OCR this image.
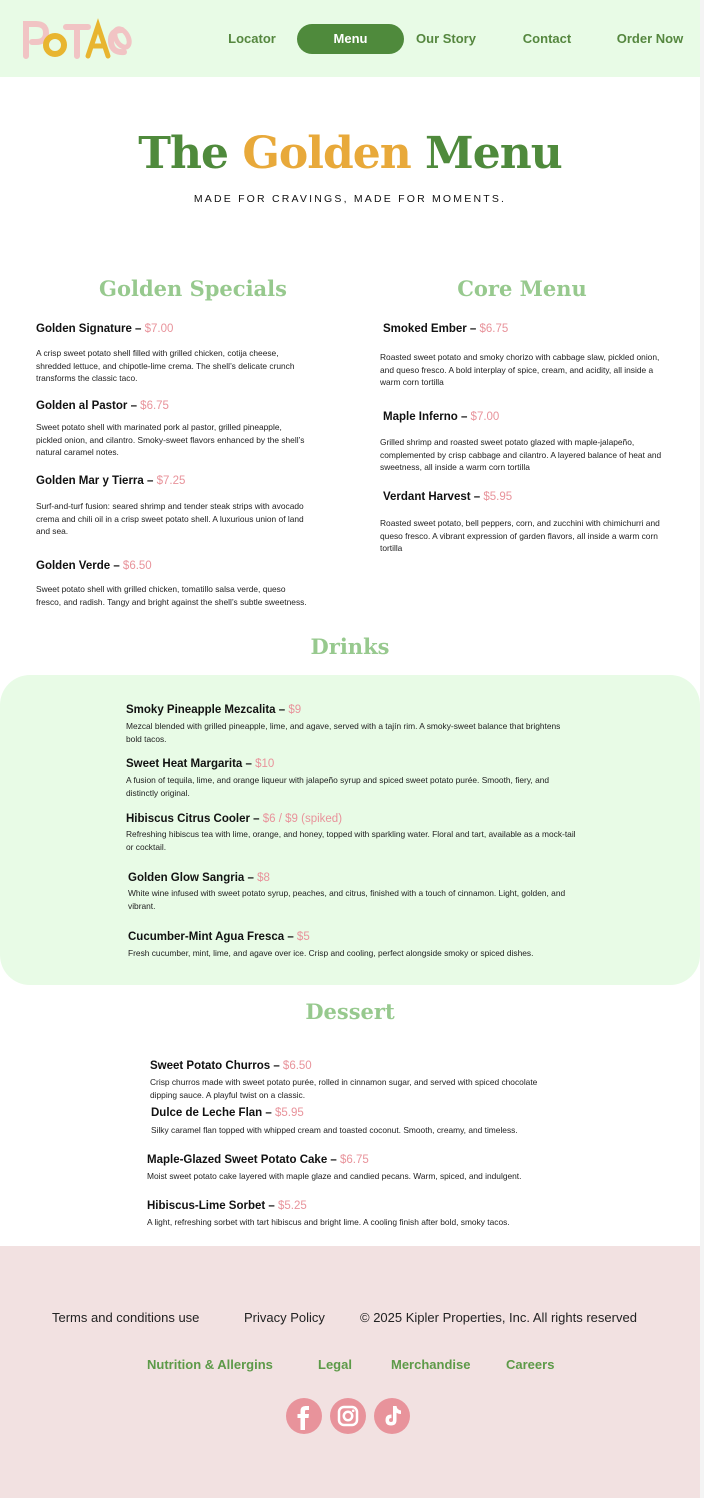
Locator	Menu	Our Story	Contact	Order Now
The Golden Menu
MADE FOR CRAVINGS, MADE FOR MOMENTS.
Golden Specials
Golden Signature – $7.00
A crisp sweet potato shell filled with grilled chicken, cotija cheese, shredded lettuce, and chipotle-lime crema. The shell’s delicate crunch transforms the classic taco.
Golden al Pastor – $6.75
Sweet potato shell with marinated pork al pastor, grilled pineapple, pickled onion, and cilantro. Smoky-sweet flavors enhanced by the shell’s natural caramel notes.
Golden Mar y Tierra – $7.25
Surf-and-turf fusion: seared shrimp and tender steak strips with avocado crema and chili oil in a crisp sweet potato shell. A luxurious union of land and sea.
Golden Verde – $6.50
Sweet potato shell with grilled chicken, tomatillo salsa verde, queso fresco, and radish. Tangy and bright against the shell’s subtle sweetness.
Core Menu
Smoked Ember – $6.75
Roasted sweet potato and smoky chorizo with cabbage slaw, pickled onion, and queso fresco. A bold interplay of spice, cream, and acidity, all inside a warm corn tortilla
Maple Inferno – $7.00
Grilled shrimp and roasted sweet potato glazed with maple-jalapeño, complemented by crisp cabbage and cilantro. A layered balance of heat and sweetness, all inside a warm corn tortilla
Verdant Harvest – $5.95
Roasted sweet potato, bell peppers, corn, and zucchini with chimichurri and queso fresco. A vibrant expression of garden flavors, all inside a warm corn tortilla
Drinks
Smoky Pineapple Mezcalita – $9
Mezcal blended with grilled pineapple, lime, and agave, served with a tajín rim. A smoky-sweet balance that brightens bold tacos.
Sweet Heat Margarita – $10
A fusion of tequila, lime, and orange liqueur with jalapeño syrup and spiced sweet potato purée. Smooth, fiery, and distinctly original.
Hibiscus Citrus Cooler – $6 / $9 (spiked)
Refreshing hibiscus tea with lime, orange, and honey, topped with sparkling water. Floral and tart, available as a mock-tail or cocktail.
Golden Glow Sangria – $8
White wine infused with sweet potato syrup, peaches, and citrus, finished with a touch of cinnamon. Light, golden, and vibrant.
Cucumber-Mint Agua Fresca – $5
Fresh cucumber, mint, lime, and agave over ice. Crisp and cooling, perfect alongside smoky or spiced dishes.
Dessert
Sweet Potato Churros – $6.50
Crisp churros made with sweet potato purée, rolled in cinnamon sugar, and served with spiced chocolate dipping sauce. A playful twist on a classic.
Dulce de Leche Flan – $5.95
Silky caramel flan topped with whipped cream and toasted coconut. Smooth, creamy, and timeless.
Maple-Glazed Sweet Potato Cake – $6.75
Moist sweet potato cake layered with maple glaze and candied pecans. Warm, spiced, and indulgent.
Hibiscus-Lime Sorbet – $5.25
A light, refreshing sorbet with tart hibiscus and bright lime. A cooling finish after bold, smoky tacos.
Terms and conditions use	Privacy Policy	© 2025 Kipler Properties, Inc. All rights reserved
Nutrition & Allergins	Legal	Merchandise	Careers
